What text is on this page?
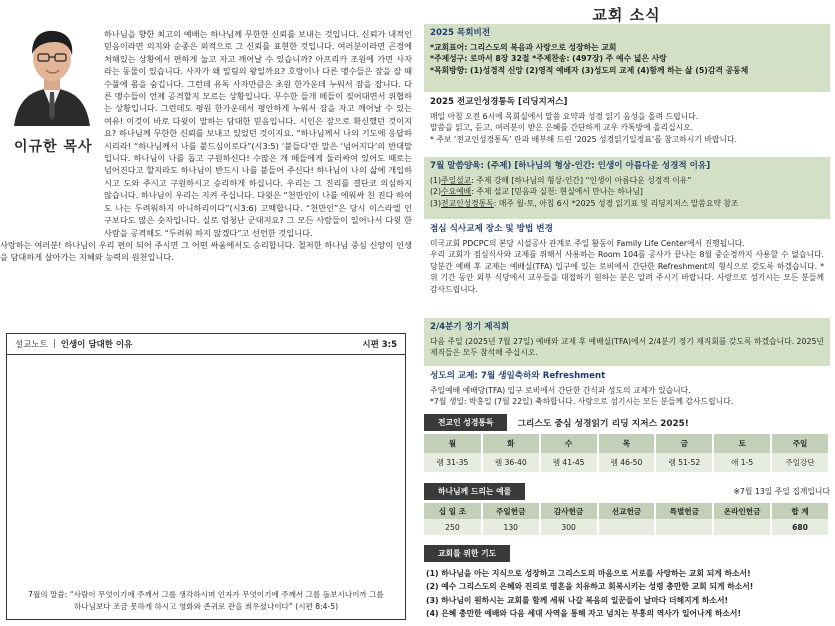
이규한 목사

하나님을 향한 최고의 예배는 하나님께 무한한 신뢰를 보내는 것입니다. 신뢰가 내적인 믿음이라면 의지와 순종은 외적으로 그 신뢰를 표현한 것입니다. 여러분이라면 곤경에 처해있는 상황에서 편하게 눕고 자고 깨어날 수 있습니까? 아프리카 조원에 가면 사자라는 동물이 있습니다. 사자가 왜 밀림의 왕일까요? 호랑이나 다른 맹수들은 잠을 잘 때 수풀에 몸을 숨깁니다. 그런데 유독 사자만큼은 초원 한가운데 누워서 잠을 잡니다. 다른 맹수들이 언제 공격할지 모르는 상황입니다. 무수한 들개 떼들이 짖어대면서 위협하는 상황입니다. 그런데도 평원 한가운데서 평안하게 누워서 잠을 자고 깨어날 수 있는 여유! 이것이 바로 다윗이 말하는 담대한 믿음입니다. 시인은 잠으로 확신했던 것이지요? 하나님께 무한한 신뢰를 보내고 있었던 것이지요. “하나님께서 나의 기도에 응답하시리라! “하나님께서 나를 붙드심이로다”(시3:5) ‘붙들다’란 말은 ‘넘어지다’의 반대말입니다. 하나님이 나를 돕고 구원하신다! 수많은 개 떼들에게 둘러싸여 있어도 때로는 넘어진다고 할지라도 하나님이 반드시 나를 붙들어 주신다! 하나님이 나의 삶에 개입하시고 도와 주시고 구원하시고 승리하게 하십니다. 우리는 그 진리를 결단코 의심하지 않습니다. 하나님이 우리는 지켜 주십니다. 다윗은 “천만인이 나를 에워싸 친 진다 하여도 나는 두려워하지 아니하리이다”(시3:6) 고백합니다. “천만인”은 당시 이스라엘 인구보다도 많은 숫자입니다. 실로 엄청난 군대지요? 그 모든 사람들이 일어나서 다윗 한 사람을 공격해도 “두려워 하지 않겠다”고 선언한 것입니다.

사랑하는 여러분! 하나님이 우리 편이 되어 주시면 그 어떤 싸움에서도 승리합니다. 철저한 하나님 중심 신앙이 인생을 담대하게 살아가는 지혜와 능력의 원천입니다.

설교노트 | 인생이 담대한 이유	시편 3:5
7월의 말씀: “사람이 무엇이기에 주께서 그를 생각하시며 인자가 무엇이기에 주께서 그를 돌보시나이까 그를 하나님보다 조금 못하게 하시고 영화와 존귀로 관을 씌우셨나이다” (시편 8:4-5)
교회 소식
2025 목회비전
*교회표어: 그리스도의 복음과 사랑으로 성장하는 교회
*주제성구: 로마서 8장 32절 *주제찬송: (497장) 주 예수 넓은 사랑
*목회방향: (1)성경적 신앙 (2)영적 예배자 (3)성도의 교제 (4)함께 하는 삶 (5)감격 공동체
2025 전교인성경통독 [리딩지저스]
매일 아침 오전 6시에 목회실에서 말씀 요약과 성경 읽기 음성을 올려 드립니다.
말씀을 읽고, 듣고, 여러분이 받은 은혜를 간단하게 교우 카톡방에 올리십시오.
* 주보 ‘전교인성경통독’ 란과 배부해 드린 ‘2025 성경읽기일정표’를 참고하시기 바랍니다.
7월 말씀양육: (주제) [하나님의 형상-인간: 인생이 아름다운 성경적 이유]
(1)주일설교: 주제 강해 [하나님의 형상-인간] “인생이 아름다운 성경적 이유”
(2)수요예배: 주제 설교 [믿음과 실천: 현실에서 만나는 하나님]
(3)전교인성경통독: 매주 월-토, 아침 6시 *2025 성경 읽기표 및 리딩지저스 말씀요약 참조
점심 식사교제 장소 및 방법 변경
미국교회 PDCPC의 본당 시설공사 관계로 주일 활동이 Family Life Center에서 진행됩니다.
우리 교회가 점심식사와 교제를 위해서 사용하는 Room 104를 공사가 끝나는 8월 중순경까지 사용할 수 없습니다. 당분간 예배 후 교제는 예배실(TFA) 입구에 있는 로비에서 간단한 Refreshment의 형식으로 갖도록 하겠습니다. *위 기간 동안 외부 식당에서 교우들을 대접하기 원하는 분은 알려 주시기 바랍니다. 사랑으로 섬기시는 모든 분들께 감사드립니다.
2/4분기 정기 제직회
다음 주일 (2025년 7월 27일) 예배와 교제 후 예배실(TFA)에서 2/4분기 정기 제직회를 갖도록 하겠습니다. 2025년 제직들은 모두 참석해 주십시오.
성도의 교제: 7월 생일축하와 Refreshment
주일예배 예배당(TFA) 입구 로비에서 간단한 간식과 성도의 교제가 있습니다.
*7월 생일: 박홍일 (7월 22일) 축하합니다. 사랑으로 섬기시는 모든 분들께 감사드립니다.
전교인 성경통독	그리스도 중심 성경읽기 리딩 지저스 2025!
월	화	수	목	금	토	주일
렘 31-35	렘 36-40	렘 41-45	렘 46-50	렘 51-52	애 1-5	주일강단
하나님께 드리는 예물	※7월 13일 주일 집계입니다
십 일 조	주일헌금	감사헌금	선교헌금	특별헌금	온라인헌금	합 계
250	130	300				680
교회를 위한 기도

(1) 하나님을 아는 지식으로 성장하고 그리스도의 마음으로 서로를 사랑하는 교회 되게 하소서!

(2) 예수 그리스도의 은혜와 진리로 영혼을 치유하고 회복시키는 성령 충만한 교회 되게 하소서!

(3) 하나님이 원하시는 교회를 함께 세워 나갈 복음의 일꾼들이 날마다 더해지게 하소서!

(4) 은혜 충만한 예배와 다음 세대 사역을 통해 자고 넘치는 부흥의 역사가 일어나게 하소서!
